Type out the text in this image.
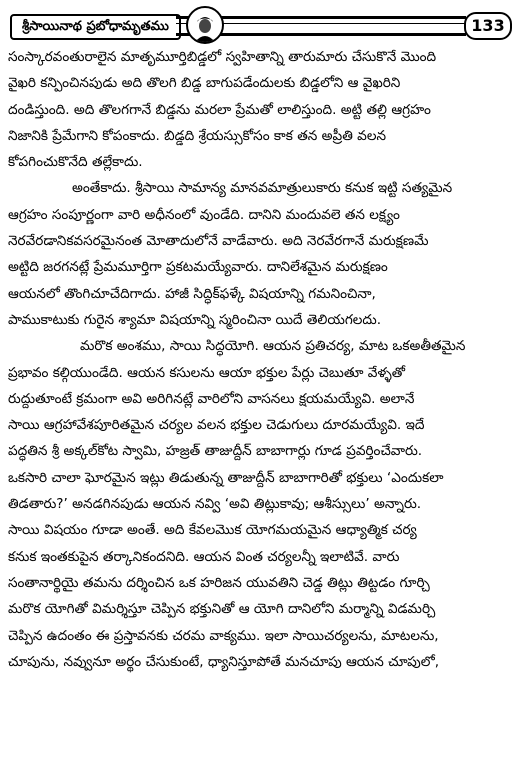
శ్రీసాయినాథ ప్రబోధామృతము	133
సంస్కారవంతురాలైన మాతృమూర్తిబిడ్డలో స్వహితాన్ని తారుమారు చేసుకొనే మొంది
వైఖరి కన్పించినపుడు అది తొలగి బిడ్డ బాగుపడేందులకు బిడ్డలోని ఆ వైఖరిని
దండిస్తుంది. అది తొలగగానే బిడ్డను మరలా ప్రేమతో లాలిస్తుంది. అట్టి తల్లి ఆగ్రహం
నిజానికి ప్రేమేగాని కోపంకాదు. బిడ్డది శ్రేయస్సుకోసం కాక తన అప్రీతి వలన
కోపగించుకొనేది తల్లేకాదు.
అంతేకాదు. శ్రీసాయి సామాన్య మానవమాత్రులుకారు కనుక ఇట్టి సత్యమైన
ఆగ్రహం సంపూర్ణంగా వారి అధీనంలో వుండేది. దానిని మందువలె తన లక్ష్యం
నెరవేరడానికవసరమైనంత మోతాదులోనే వాడేవారు. అది నెరవేరగానే మరుక్షణమే
అట్టిది జరగనట్లే ప్రేమమూర్తిగా ప్రకటమయ్యేవారు. దానిలేశమైన మరుక్షణం
ఆయనలో తొంగిచూచేదిగాదు. హాజీ సిద్ధిక్‌ఫళ్కే విషయాన్ని గమనించినా,
పాముకాటుకు గురైన శ్యామా విషయాన్ని స్మరించినా యిదే తెలియగలదు.
మరొక అంశము, సాయి సిద్ధయోగి. ఆయన ప్రతిచర్య, మాట ఒకఅతీతమైన
ప్రభావం కల్గియుండేది. ఆయన కసులను ఆయా భక్తుల పేర్లు చెబుతూ వేళ్ళతో
రుద్దుతూంటే క్రమంగా అవి అరిగినట్లే వారిలోని వాసనలు క్షయమయ్యేవి. అలానే
సాయి ఆగ్రహావేశపూరితమైన చర్యల వలన భక్తుల చెడుగులు దూరమయ్యేవి. ఇదే
పద్ధతిన శ్రీ అక్కల్‌కోట స్వామి, హజ్రత్ తాజుద్దీన్ బాబాగార్లు గూడ ప్రవర్తించేవారు.
ఒకసారి చాలా ఘోరమైన ఇట్లు తిడుతున్న తాజుద్దీన్ బాబాగారితో భక్తులు ‘ఎందుకలా
తిడతారు?’ అనడగినపుడు ఆయన నవ్వి ‘అవి తిట్లుకావు; ఆశీస్సులు’ అన్నారు.
సాయి విషయం గూడా అంతే. అది కేవలమొక యోగమయమైన ఆధ్యాత్మిక చర్య
కనుక ఇంతకుపైన తర్కానికందనిది. ఆయన వింత చర్యలన్నీ ఇలాటివే. వారు
సంతానార్థియై తమను దర్శించిన ఒక హరిజన యువతిని చెడ్డ తిట్లు తిట్టడం గూర్చి
మరొక యోగితో విమర్శిస్తూ చెప్పిన భక్తునితో ఆ యోగి దానిలోని మర్మాన్ని విడమర్చి
చెప్పిన ఉదంతం ఈ ప్రస్తావనకు చరమ వాక్యము. ఇలా సాయిచర్యలను, మాటలను,
చూపును, నవ్వునూ అర్థం చేసుకుంటే, ధ్యానిస్తూపోతే మనచూపు ఆయన చూపులో,
